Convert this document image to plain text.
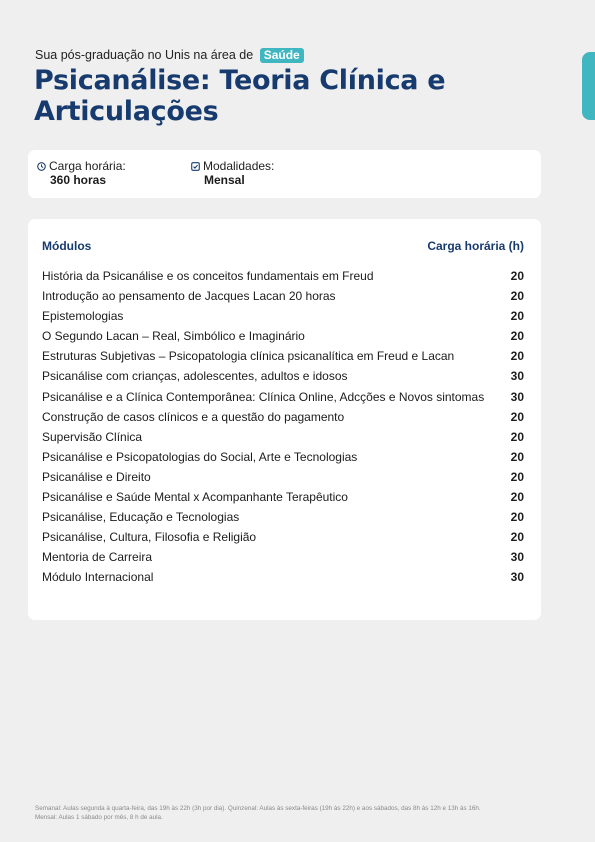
Sua pós-graduação no Unis na área de Saúde
Psicanálise: Teoria Clínica e Articulações
Carga horária:
360 horas
Modalidades:
Mensal
Módulos	Carga horária (h)
História da Psicanálise e os conceitos fundamentais em Freud	20
Introdução ao pensamento de Jacques Lacan 20 horas	20
Epistemologias	20
O Segundo Lacan – Real, Simbólico e Imaginário	20
Estruturas Subjetivas – Psicopatologia clínica psicanalítica em Freud e Lacan	20
Psicanálise com crianças, adolescentes, adultos e idosos	30
Psicanálise e a Clínica Contemporânea: Clínica Online, Adcções e Novos sintomas	30
Construção de casos clínicos e a questão do pagamento	20
Supervisão Clínica	20
Psicanálise e Psicopatologias do Social, Arte e Tecnologias	20
Psicanálise e Direito	20
Psicanálise e Saúde Mental x Acompanhante Terapêutico	20
Psicanálise, Educação e Tecnologias	20
Psicanálise, Cultura, Filosofia e Religião	20
Mentoria de Carreira	30
Módulo Internacional	30
Semanal: Aulas segunda à quarta-feira, das 19h às 22h (3h por dia). Quinzenal: Aulas às sexta-feiras (19h às 22h) e aos sábados, das 8h às 12h e 13h às 16h.
Mensal: Aulas 1 sábado por mês, 8 h de aula.
